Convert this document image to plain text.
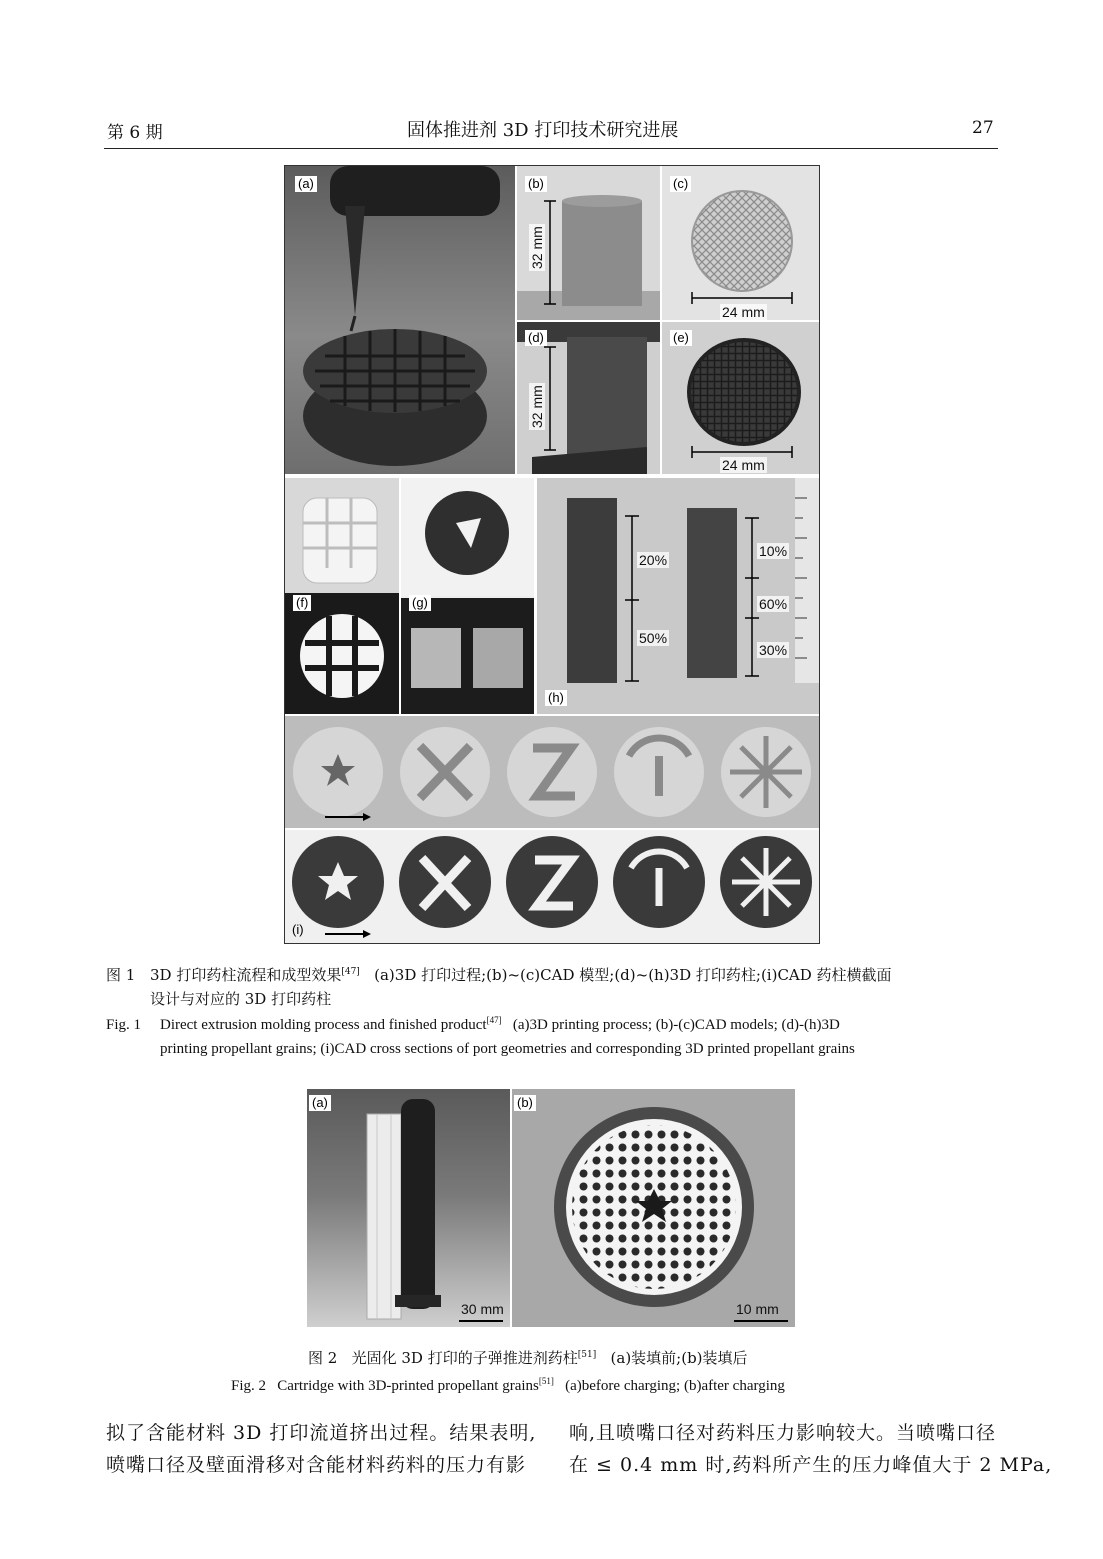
第 6 期	固体推进剂 3D 打印技术研究进展	27
(a)
32 mm
(b)
24 mm
(c)
32 mm
(d)
24 mm
(e)
(f)	(g)
20%
50%
10%
60%
30%
(h)
(i)
图 1 3D 打印药柱流程和成型效果[47] (a)3D 打印过程;(b)~(c)CAD 模型;(d)~(h)3D 打印药柱;(i)CAD 药柱横截面
设计与对应的 3D 打印药柱
Fig. 1 Direct extrusion molding process and finished product[47] (a)3D printing process; (b)-(c)CAD models; (d)-(h)3D
printing propellant grains; (i)CAD cross sections of port geometries and corresponding 3D printed propellant grains
(a)
30 mm
(b)
10 mm
图 2 光固化 3D 打印的子弹推进剂药柱[51] (a)装填前;(b)装填后
Fig. 2 Cartridge with 3D-printed propellant grains[51] (a)before charging; (b)after charging
拟了含能材料 3D 打印流道挤出过程。结果表明,
喷嘴口径及壁面滑移对含能材料药料的压力有影
响,且喷嘴口径对药料压力影响较大。当喷嘴口径
在 ≤ 0.4 mm 时,药料所产生的压力峰值大于 2 MPa,
